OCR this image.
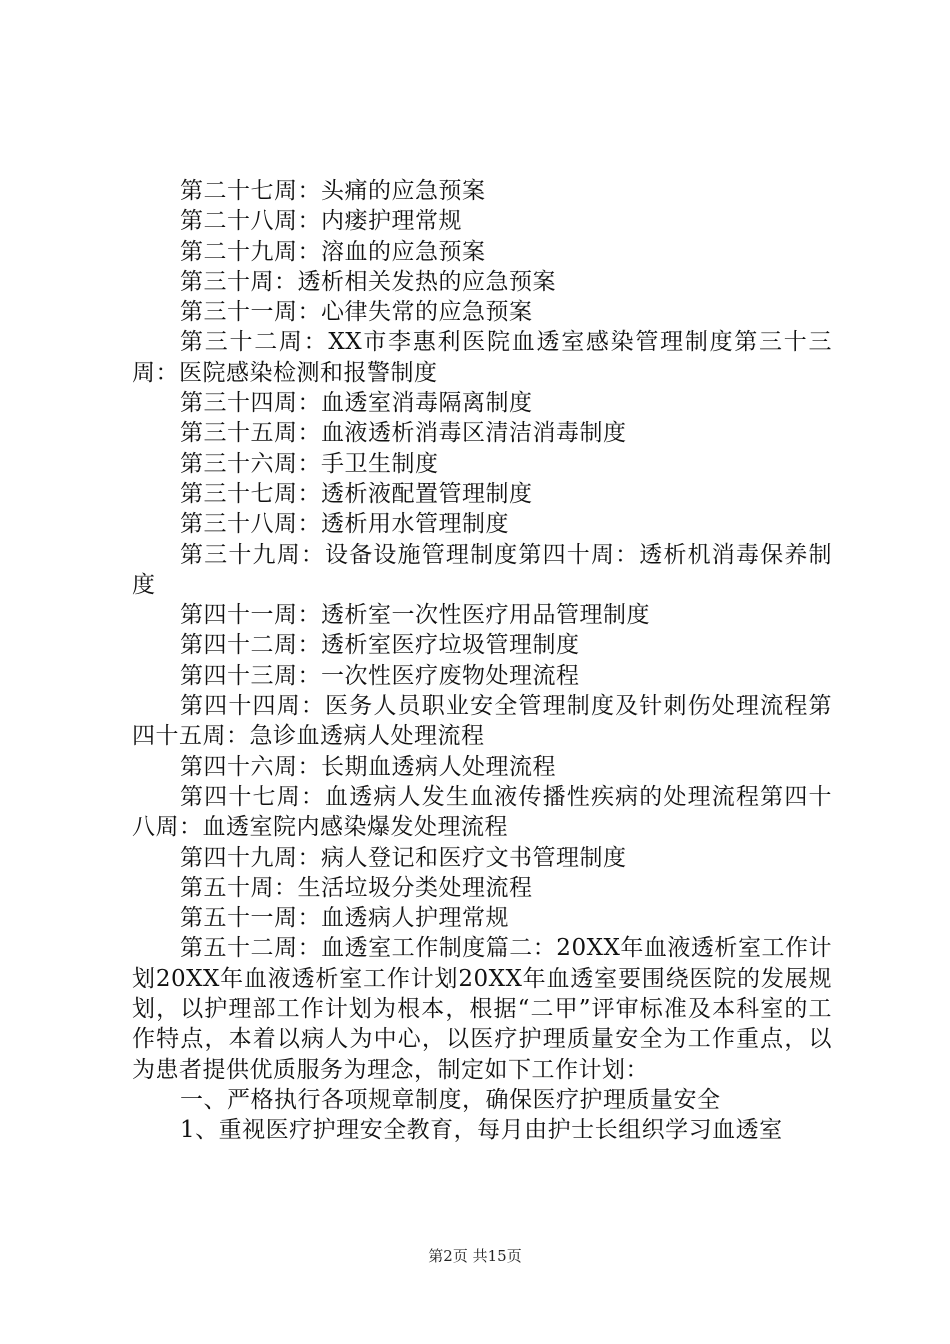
第二十七周：头痛的应急预案

第二十八周：内瘘护理常规

第二十九周：溶血的应急预案

第三十周：透析相关发热的应急预案

第三十一周：心律失常的应急预案

第三十二周：XX市李惠利医院血透室感染管理制度第三十三周：医院感染检测和报警制度

第三十四周：血透室消毒隔离制度

第三十五周：血液透析消毒区清洁消毒制度

第三十六周：手卫生制度

第三十七周：透析液配置管理制度

第三十八周：透析用水管理制度

第三十九周：设备设施管理制度第四十周：透析机消毒保养制度

第四十一周：透析室一次性医疗用品管理制度

第四十二周：透析室医疗垃圾管理制度

第四十三周：一次性医疗废物处理流程

第四十四周：医务人员职业安全管理制度及针刺伤处理流程第四十五周：急诊血透病人处理流程

第四十六周：长期血透病人处理流程

第四十七周：血透病人发生血液传播性疾病的处理流程第四十八周：血透室院内感染爆发处理流程

第四十九周：病人登记和医疗文书管理制度

第五十周：生活垃圾分类处理流程

第五十一周：血透病人护理常规

第五十二周：血透室工作制度篇二：20XX年血液透析室工作计划20XX年血液透析室工作计划20XX年血透室要围绕医院的发展规划，以护理部工作计划为根本，根据“二甲”评审标准及本科室的工作特点，本着以病人为中心，以医疗护理质量安全为工作重点，以为患者提供优质服务为理念，制定如下工作计划：

一、严格执行各项规章制度，确保医疗护理质量安全

1、重视医疗护理安全教育，每月由护士长组织学习血透室

第2页 共15页
